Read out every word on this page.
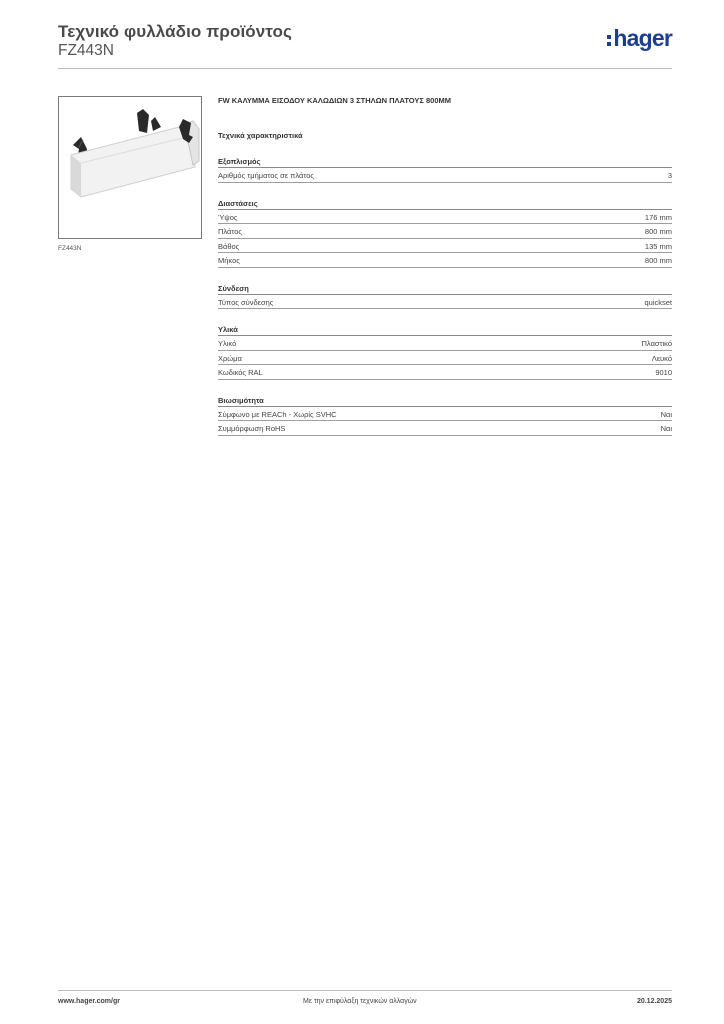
Τεχνικό φυλλάδιο προϊόντος
FZ443N	hager
FZ443N
FW ΚΑΛΥΜΜΑ ΕΙΣΟΔΟΥ ΚΑΛΩΔΙΩΝ 3 ΣΤΗΛΩΝ ΠΛΑΤΟΥΣ 800MM
Τεχνικά χαρακτηριστικά
Εξοπλισμός
Αριθμός τμήματος σε πλάτος	3
Διαστάσεις
Ύψος	176 mm
Πλάτος	800 mm
Βάθος	135 mm
Μήκος	800 mm
Σύνδεση
Τύπος σύνδεσης	quickset
Υλικά
Υλικό	Πλαστικό
Χρώμα	Λευκό
Κωδικός RAL	9010
Βιωσιμότητα
Σύμφωνο με REACh - Χωρίς SVHC	Ναι
Συμμόρφωση RoHS	Ναι
www.hager.com/gr	Με την επιφύλαξη τεχνικών αλλαγών	20.12.2025
